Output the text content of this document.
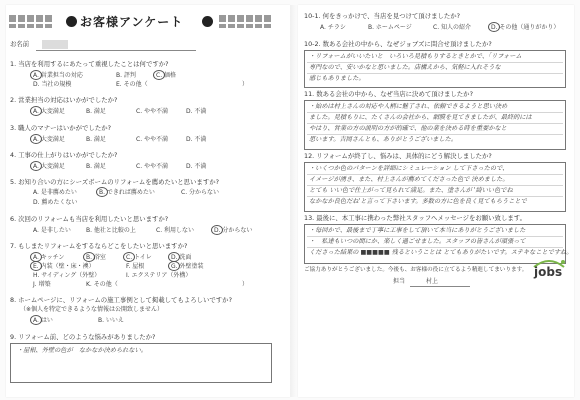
お客様アンケート
お名前
1. 当店を利用するにあたって重視したことは何ですか?
A. 営業担当の対応	B. 評判	C. 価格
D. 当社の規模	E. その他（	）
2. 営業担当の対応はいかがでしたか?
A. 大変満足	B. 満足	C. やや不満	D. 不満
3. 職人のマナーはいかがでしたか?
A. 大変満足	B. 満足	C. やや不満	D. 不満
4. 工事の仕上がりはいかがでしたか?
A. 大変満足	B. 満足	C. やや不満	D. 不満
5. お知り合いの方にシーズボームのリフォームを薦めたいと思いますか?
A. 是非薦めたい	B. できれば薦めたい	C. 分からない
D. 薦めたくない
6. 次回のリフォームも当店を利用したいと思いますか?
A. 是非したい	B. 他社と比較の上	C. 利用しない	D. 分からない
7. もしまたリフォームをするならどこをしたいと思いますか?
A. キッチン	B. 浴室	C. トイレ	D. 洗面
E. 内装（壁・床・襖）	F. 屋根	G. 外壁塗装
H. サイディング（外壁）	I. エクステリア（外構）
J. 増築	K. その他（	）
8. ホームページに、リフォームの施工事例として掲載してもよろしいですか?
（※個人を特定できるような情報は公開致しません）
A. はい	B. いいえ
9. リフォーム前、どのような悩みがありましたか?
・屋根、外壁の色が　なかなか決められない。
10-1. 何をきっかけで、当店を見つけて頂けましたか?
A. チラシ	B. ホームページ	C. 知人の紹介	D. その他（通りがかり）
10-2. 数ある会社の中から、なぜジョブズに問合せ頂けましたか?
・リフォームがいいたいと　いろいろ見積もりするときとかで、「リフォーム
専門なので、安いかなと思いました。店構えから、気軽に入れそうな
感じもありました。
11. 数ある会社の中から、なぜ当店に決めて頂けましたか?
・始めは村上さんの対応や人柄に魅了され、依頼できるようと思い決め
ました。見積もりに、たくさんの会社から、網膜を見てきましたが、最終的には
やはり、営業の方の説明の方が的確で、他の業を決める時を重要かなと
思います。吉岡さんとも、ありがとうございました。
12. リフォームが終了し、悩みは、具体的にどう解決しましたか?
・いくつか色のパターンを詳細にシミュレーション して下さったので、
イメージが湧き、また、村上さんが薦めてくださった色で 決めました。
とても いい色で仕上がって見られて満足。また、塗さんが '綺いい色でね
なかなか良色だね'と言って下さいます。多数の方に色を良く見てもらうことで
13. 最後に、本工事に携わった弊社スタッフへメッセージをお願い致します。
・毎回かで、最後まで丁寧に工事をして頂いて本当にありがとうございました
・　私達もいつの間にか、楽しく過ごせました。スタッフの皆さんが頑張って
くださった結果の ■■■■■ 残るということは とてもありがたいです。ステキなことですね。
ご協力ありがとうございました。今後も、お客様の役に立てるよう精進してまいります。
担当	村上
jobs
